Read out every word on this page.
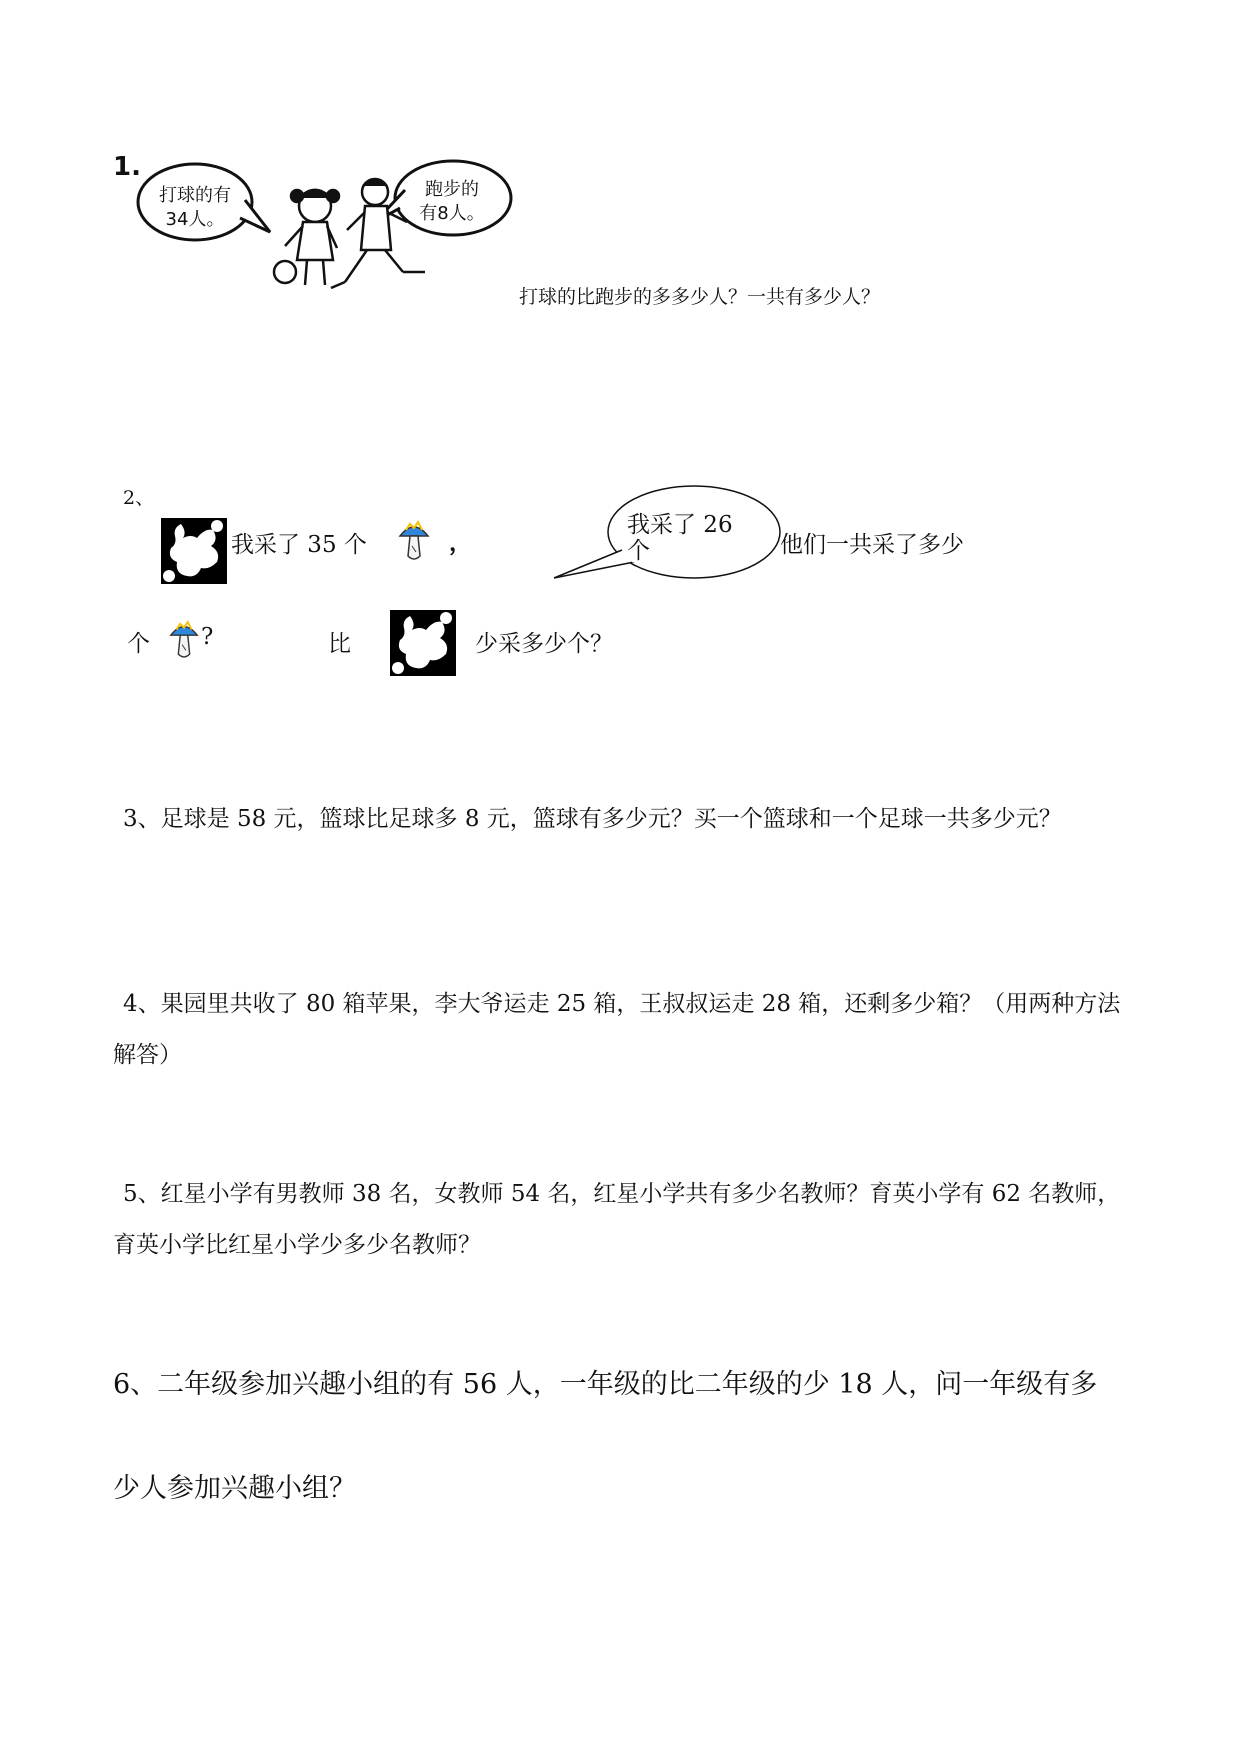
1.
打球的有
34人。
跑步的
有8人。
打球的比跑步的多多少人？一共有多少人？
2、
我采了 35 个	，
我采了 26
个	他们一共采了多少
个 ?	比	少采多少个？
3、足球是 58 元，篮球比足球多 8 元，篮球有多少元？买一个篮球和一个足球一共多少元？
4、果园里共收了 80 箱苹果，李大爷运走 25 箱，王叔叔运走 28 箱，还剩多少箱？（用两种方法
解答）
5、红星小学有男教师 38 名，女教师 54 名，红星小学共有多少名教师？育英小学有 62 名教师，
育英小学比红星小学少多少名教师？
6、二年级参加兴趣小组的有 56 人，一年级的比二年级的少 18 人，问一年级有多
少人参加兴趣小组？
